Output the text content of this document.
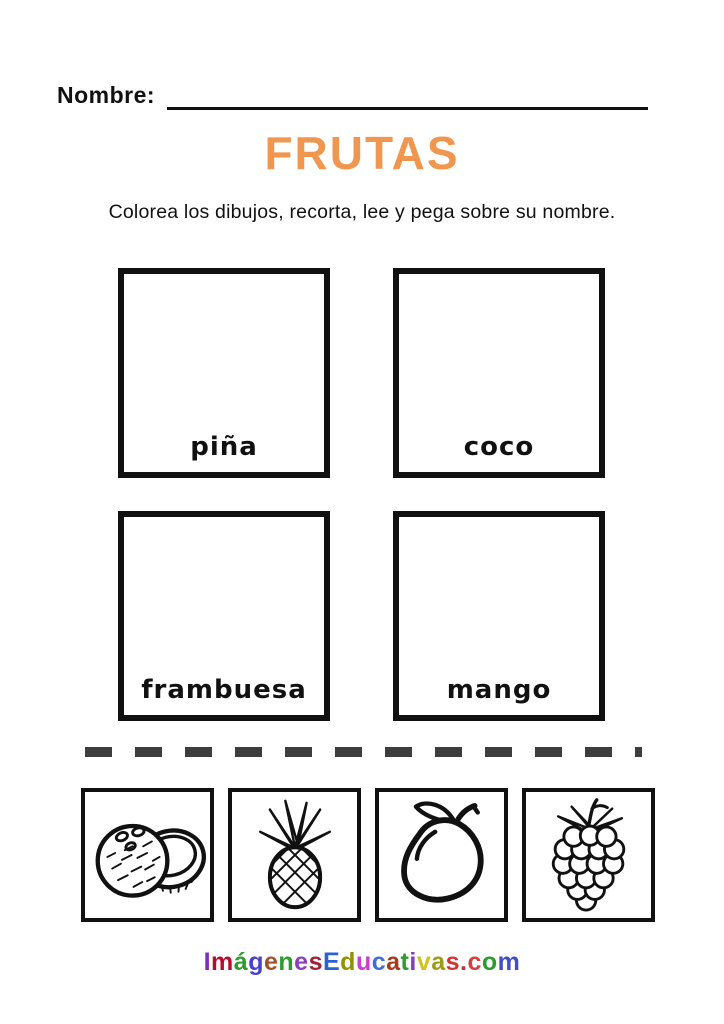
Nombre:
FRUTAS

Colorea los dibujos, recorta, lee y pega sobre su nombre.

piña	coco
frambuesa	mango
ImágenesEducativas.com
